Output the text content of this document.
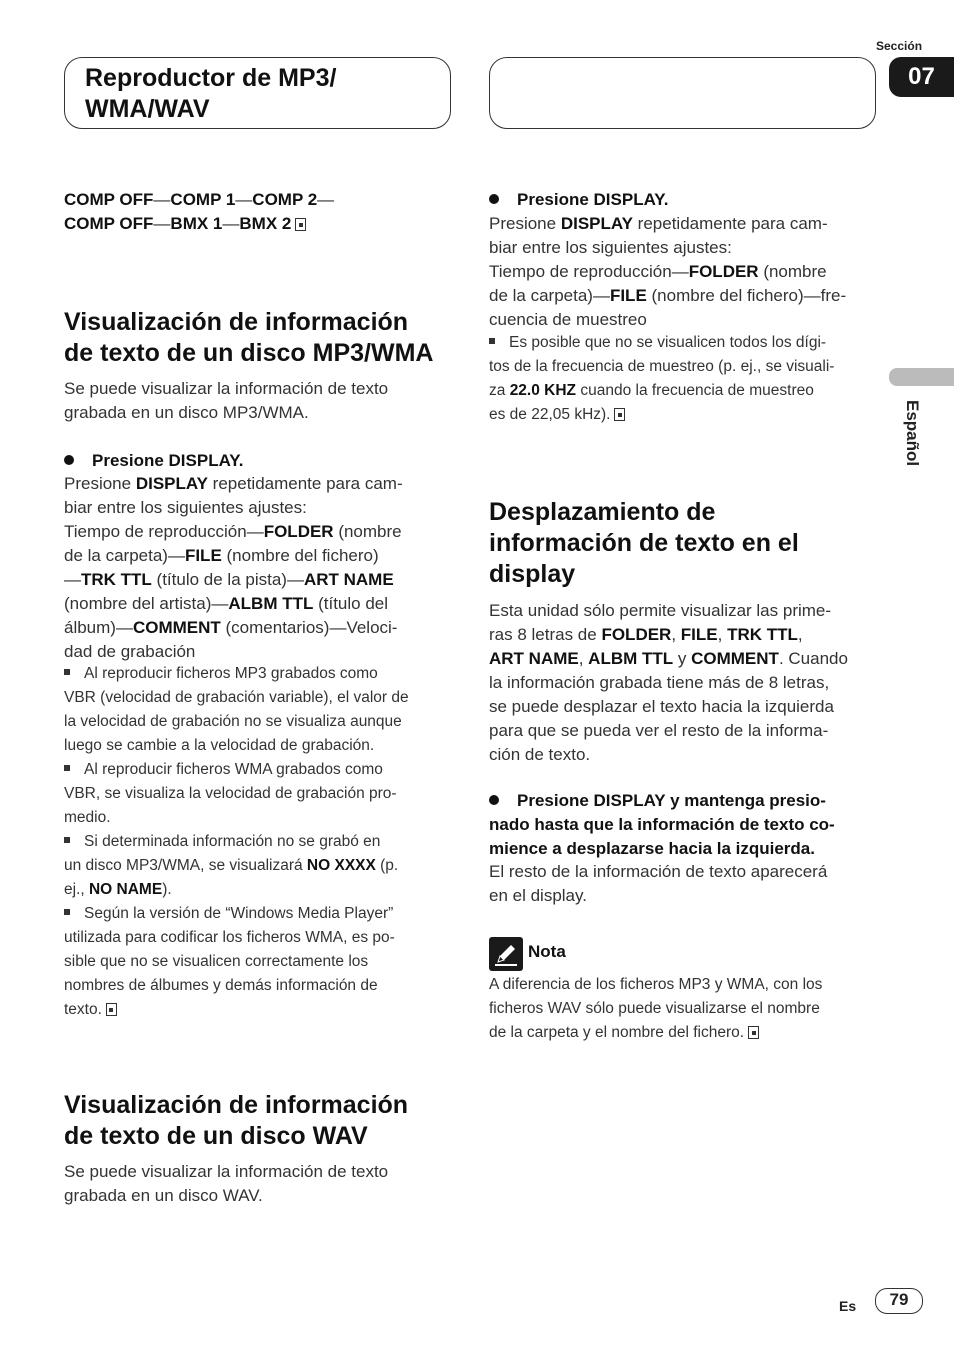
Reproductor de MP3/
WMA/WAV
Sección
07
Español

COMP OFF—COMP 1—COMP 2—

COMP OFF—BMX 1—BMX 2

Visualización de información

de texto de un disco MP3/WMA

Se puede visualizar la información de texto

grabada en un disco MP3/WMA.

Presione DISPLAY.

Presione DISPLAY repetidamente para cam-

biar entre los siguientes ajustes:

Tiempo de reproducción—FOLDER (nombre

de la carpeta)—FILE (nombre del fichero)

—TRK TTL (título de la pista)—ART NAME

(nombre del artista)—ALBM TTL (título del

álbum)—COMMENT (comentarios)—Veloci-

dad de grabación

Al reproducir ficheros MP3 grabados como

VBR (velocidad de grabación variable), el valor de

la velocidad de grabación no se visualiza aunque

luego se cambie a la velocidad de grabación.

Al reproducir ficheros WMA grabados como

VBR, se visualiza la velocidad de grabación pro-

medio.

Si determinada información no se grabó en

un disco MP3/WMA, se visualizará NO XXXX (p.

ej., NO NAME).

Según la versión de “Windows Media Player”

utilizada para codificar los ficheros WMA, es po-

sible que no se visualicen correctamente los

nombres de álbumes y demás información de

texto.

Visualización de información

de texto de un disco WAV

Se puede visualizar la información de texto

grabada en un disco WAV.

Presione DISPLAY.

Presione DISPLAY repetidamente para cam-

biar entre los siguientes ajustes:

Tiempo de reproducción—FOLDER (nombre

de la carpeta)—FILE (nombre del fichero)—fre-

cuencia de muestreo

Es posible que no se visualicen todos los dígi-

tos de la frecuencia de muestreo (p. ej., se visuali-

za 22.0 KHZ cuando la frecuencia de muestreo

es de 22,05 kHz).

Desplazamiento de

información de texto en el

display

Esta unidad sólo permite visualizar las prime-

ras 8 letras de FOLDER, FILE, TRK TTL,

ART NAME, ALBM TTL y COMMENT. Cuando

la información grabada tiene más de 8 letras,

se puede desplazar el texto hacia la izquierda

para que se pueda ver el resto de la informa-

ción de texto.

Presione DISPLAY y mantenga presio-

nado hasta que la información de texto co-

mience a desplazarse hacia la izquierda.

El resto de la información de texto aparecerá

en el display.

Nota

A diferencia de los ficheros MP3 y WMA, con los

ficheros WAV sólo puede visualizarse el nombre

de la carpeta y el nombre del fichero.

Es	79
